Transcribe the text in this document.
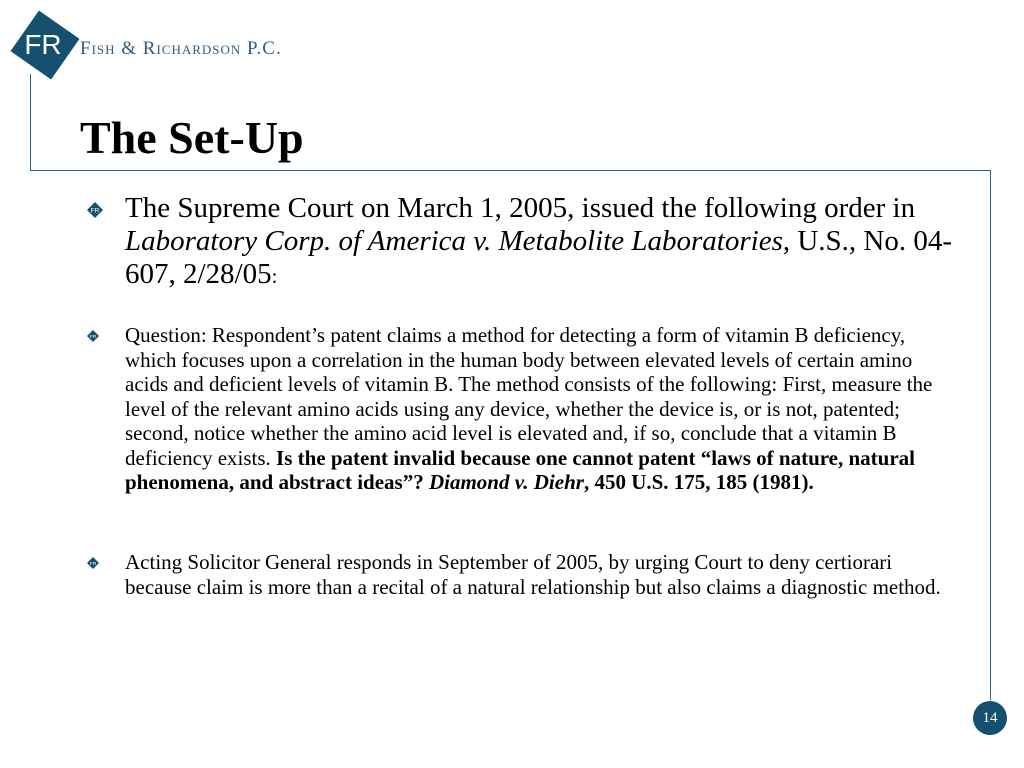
FR Fish & Richardson P.C.
The Set-Up
FR The Supreme Court on March 1, 2005, issued the following order in Laboratory Corp. of America v. Metabolite Laboratories, U.S., No. 04-607, 2/28/05:
FR Question: Respondent’s patent claims a method for detecting a form of vitamin B deficiency, which focuses upon a correlation in the human body between elevated levels of certain amino acids and deficient levels of vitamin B. The method consists of the following: First, measure the level of the relevant amino acids using any device, whether the device is, or is not, patented; second, notice whether the amino acid level is elevated and, if so, conclude that a vitamin B deficiency exists. Is the patent invalid because one cannot patent “laws of nature, natural phenomena, and abstract ideas”? Diamond v. Diehr, 450 U.S. 175, 185 (1981).
FR Acting Solicitor General responds in September of 2005, by urging Court to deny certiorari because claim is more than a recital of a natural relationship but also claims a diagnostic method.
14
